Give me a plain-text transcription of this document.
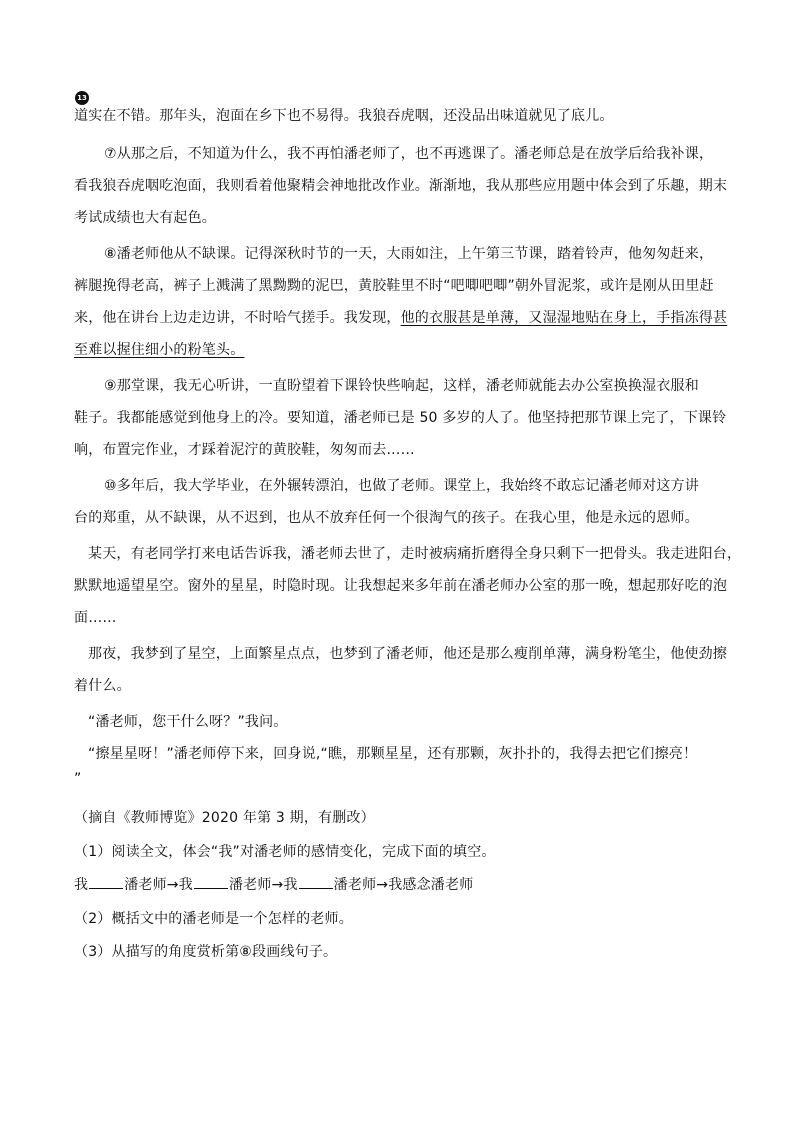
13
道实在不错。那年头，泡面在乡下也不易得。我狼吞虎咽，还没品出味道就见了底儿。
⑦从那之后，不知道为什么，我不再怕潘老师了，也不再逃课了。潘老师总是在放学后给我补课，
看我狼吞虎咽吃泡面，我则看着他聚精会神地批改作业。渐渐地，我从那些应用题中体会到了乐趣，期末
考试成绩也大有起色。
⑧潘老师他从不缺课。记得深秋时节的一天，大雨如注，上午第三节课，踏着铃声，他匆匆赶来，
裤腿挽得老高，裤子上溅满了黑黝黝的泥巴，黄胶鞋里不时“吧唧吧唧”朝外冒泥浆，或许是刚从田里赶
来，他在讲台上边走边讲，不时哈气搓手。我发现，他的衣服甚是单薄，又湿湿地贴在身上，手指冻得甚
至难以握住细小的粉笔头。
⑨那堂课，我无心听讲，一直盼望着下课铃快些响起，这样，潘老师就能去办公室换换湿衣服和
鞋子。我都能感觉到他身上的冷。要知道，潘老师已是 50 多岁的人了。他坚持把那节课上完了，下课铃
响，布置完作业，才踩着泥泞的黄胶鞋，匆匆而去……
⑩多年后，我大学毕业，在外辗转漂泊，也做了老师。课堂上，我始终不敢忘记潘老师对这方讲
台的郑重，从不缺课，从不迟到，也从不放弃任何一个很淘气的孩子。在我心里，他是永远的恩师。
某天，有老同学打来电话告诉我，潘老师去世了，走时被病痛折磨得全身只剩下一把骨头。我走进阳台，
默默地遥望星空。窗外的星星，时隐时现。让我想起来多年前在潘老师办公室的那一晚，想起那好吃的泡
面……
那夜，我梦到了星空，上面繁星点点，也梦到了潘老师，他还是那么瘦削单薄，满身粉笔尘，他使劲擦
着什么。
“潘老师，您干什么呀？”我问。
“擦星星呀！”潘老师停下来，回身说,“瞧，那颗星星，还有那颗，灰扑扑的，我得去把它们擦亮！
”
（摘自《教师博览》2020 年第 3 期，有删改）
（1）阅读全文，体会“我”对潘老师的感情变化，完成下面的填空。
我	潘老师→我	潘老师→我	潘老师→我感念潘老师
（2）概括文中的潘老师是一个怎样的老师。
（3）从描写的角度赏析第⑧段画线句子。
